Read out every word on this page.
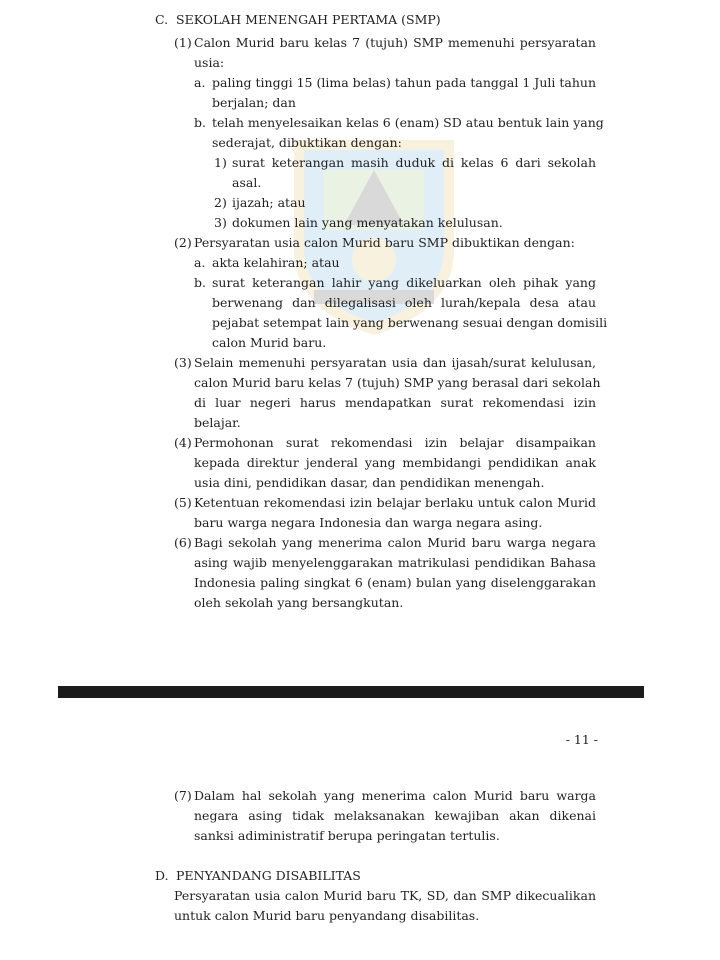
C. SEKOLAH MENENGAH PERTAMA (SMP)
(1) Calon Murid baru kelas 7 (tujuh) SMP memenuhi persyaratan
usia:
a. paling tinggi 15 (lima belas) tahun pada tanggal 1 Juli tahun
berjalan; dan
b. telah menyelesaikan kelas 6 (enam) SD atau bentuk lain yang
sederajat, dibuktikan dengan:
1) surat keterangan masih duduk di kelas 6 dari sekolah
asal.
2) ijazah; atau
3) dokumen lain yang menyatakan kelulusan.
(2) Persyaratan usia calon Murid baru SMP dibuktikan dengan:
a. akta kelahiran; atau
b. surat keterangan lahir yang dikeluarkan oleh pihak yang
berwenang dan dilegalisasi oleh lurah/kepala desa atau
pejabat setempat lain yang berwenang sesuai dengan domisili
calon Murid baru.
(3) Selain memenuhi persyaratan usia dan ijasah/surat kelulusan,
calon Murid baru kelas 7 (tujuh) SMP yang berasal dari sekolah
di luar negeri harus mendapatkan surat rekomendasi izin
belajar.
(4) Permohonan surat rekomendasi izin belajar disampaikan
kepada direktur jenderal yang membidangi pendidikan anak
usia dini, pendidikan dasar, dan pendidikan menengah.
(5) Ketentuan rekomendasi izin belajar berlaku untuk calon Murid
baru warga negara Indonesia dan warga negara asing.
(6) Bagi sekolah yang menerima calon Murid baru warga negara
asing wajib menyelenggarakan matrikulasi pendidikan Bahasa
Indonesia paling singkat 6 (enam) bulan yang diselenggarakan
oleh sekolah yang bersangkutan.
- 11 -
(7) Dalam hal sekolah yang menerima calon Murid baru warga
negara asing tidak melaksanakan kewajiban akan dikenai
sanksi adiministratif berupa peringatan tertulis.
D. PENYANDANG DISABILITAS
Persyaratan usia calon Murid baru TK, SD, dan SMP dikecualikan
untuk calon Murid baru penyandang disabilitas.
